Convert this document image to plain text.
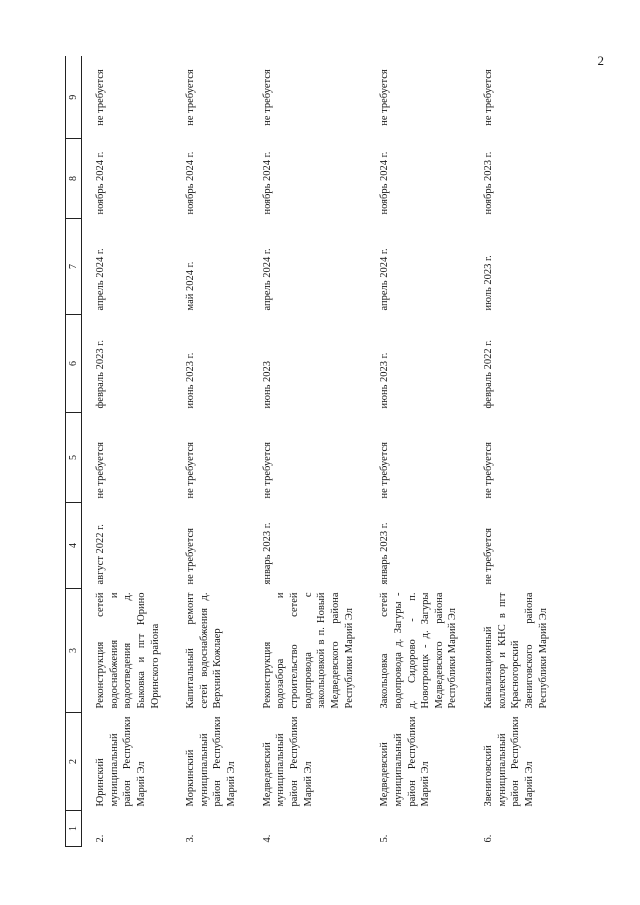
2
1	2	3	4	5	6	7	8	9
2.	Юринский муниципальный район Республики Марий Эл	Реконструкция сетей водоснабжения и водоотведения д. Быковка и пгт Юрино Юринского района	август 2022 г.	не требуется	февраль 2023 г.	апрель 2024 г.	ноябрь 2024 г.	не требуется
3.	Моркинский муниципальный район Республики Марий Эл	Капитальный ремонт сетей водоснабжения д. Верхний Кожлаер	не требуется	не требуется	июнь 2023 г.	май 2024 г.	ноябрь 2024 г.	не требуется
4.	Медведевский муниципальный район Республики Марий Эл	Реконструкция водозабора и строительство сетей водопровода с закольцовкой в п. Новый Медведевского района Республики Марий Эл	январь 2023 г.	не требуется	июнь 2023	апрель 2024 г.	ноябрь 2024 г.	не требуется
5.	Медведевский муниципальный район Республики Марий Эл	Закольцовка сетей водопровода д. Загуры - д. Сидорово - п. Новотроицк - д. Загуры Медведевского района Республики Марий Эл	январь 2023 г.	не требуется	июнь 2023 г.	апрель 2024 г.	ноябрь 2024 г.	не требуется
6.	Звениговский муниципальный район Республики Марий Эл	Канализационный коллектор и КНС в пгт Красногорский Звениговского района Республики Марий Эл	не требуется	не требуется	февраль 2022 г.	июль 2023 г.	ноябрь 2023 г.	не требуется
